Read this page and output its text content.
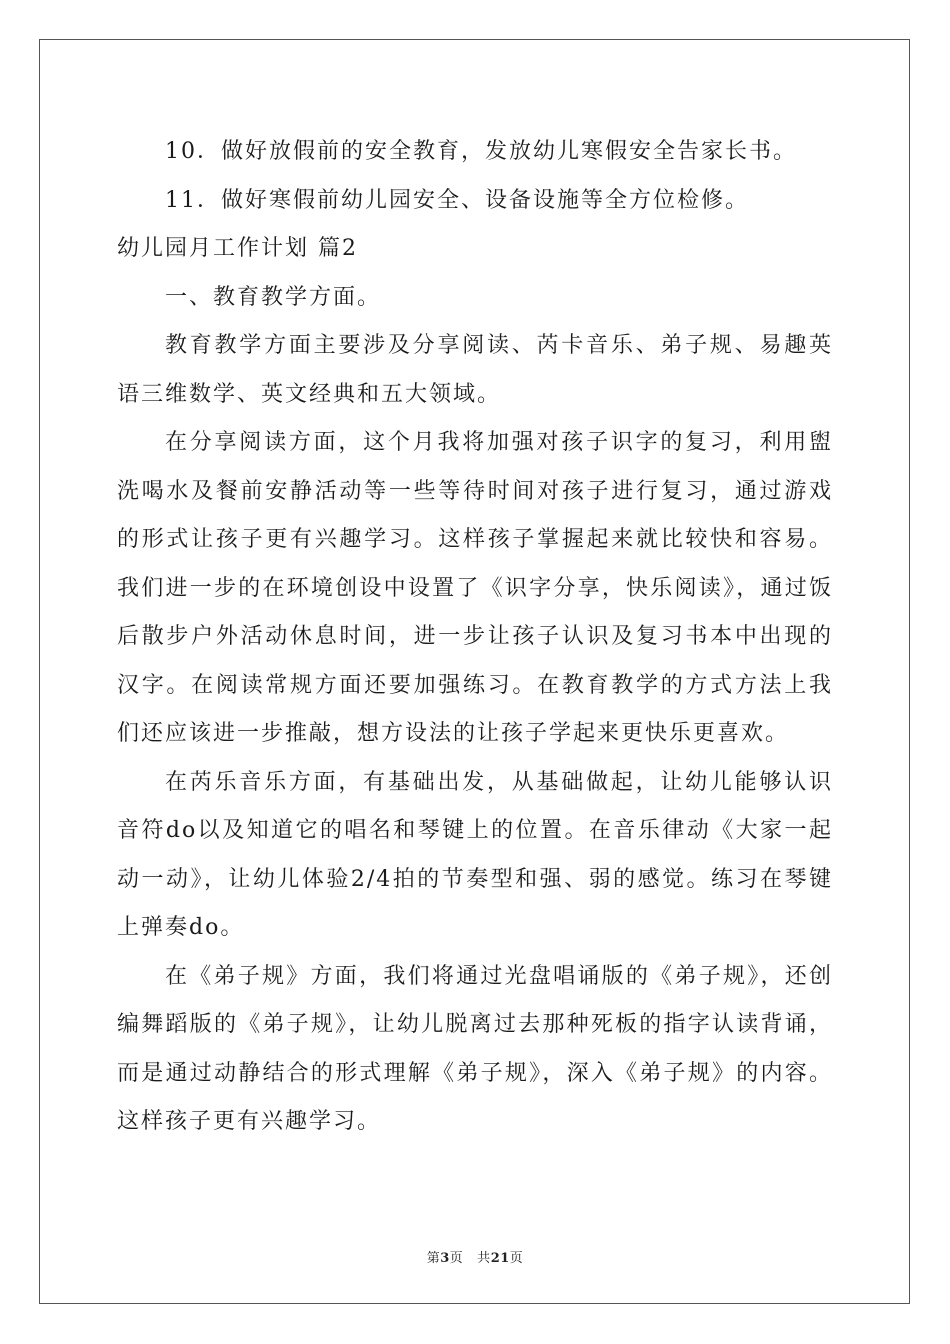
10．做好放假前的安全教育，发放幼儿寒假安全告家长书。

11．做好寒假前幼儿园安全、设备设施等全方位检修。

幼儿园月工作计划 篇2

一、教育教学方面。

教育教学方面主要涉及分享阅读、芮卡音乐、弟子规、易趣英语三维数学、英文经典和五大领域。

在分享阅读方面，这个月我将加强对孩子识字的复习，利用盥洗喝水及餐前安静活动等一些等待时间对孩子进行复习，通过游戏的形式让孩子更有兴趣学习。这样孩子掌握起来就比较快和容易。我们进一步的在环境创设中设置了《识字分享，快乐阅读》，通过饭后散步户外活动休息时间，进一步让孩子认识及复习书本中出现的汉字。在阅读常规方面还要加强练习。在教育教学的方式方法上我们还应该进一步推敲，想方设法的让孩子学起来更快乐更喜欢。

在芮乐音乐方面，有基础出发，从基础做起，让幼儿能够认识音符do以及知道它的唱名和琴键上的位置。在音乐律动《大家一起动一动》，让幼儿体验2/4拍的节奏型和强、弱的感觉。练习在琴键上弹奏do。

在《弟子规》方面，我们将通过光盘唱诵版的《弟子规》，还创编舞蹈版的《弟子规》，让幼儿脱离过去那种死板的指字认读背诵，而是通过动静结合的形式理解《弟子规》，深入《弟子规》的内容。这样孩子更有兴趣学习。

第3页 共21页
